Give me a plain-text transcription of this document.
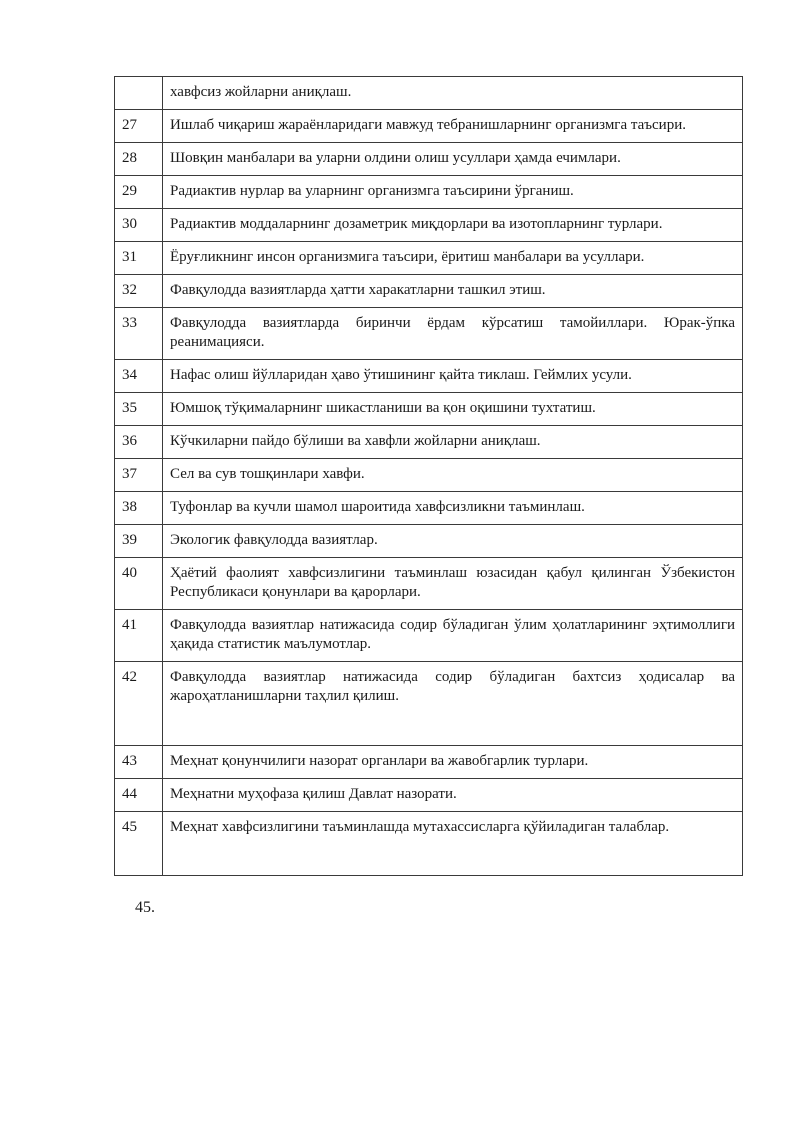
	хавфсиз жойларни аниқлаш.
27	Ишлаб чиқариш жараёнларидаги мавжуд тебранишларнинг организмга таъсири.
28	Шовқин манбалари ва уларни олдини олиш усуллари ҳамда ечимлари.
29	Радиактив нурлар ва уларнинг организмга таъсирини ўрганиш.
30	Радиактив моддаларнинг дозаметрик миқдорлари ва изотопларнинг турлари.
31	Ёруғликнинг инсон организмига таъсири, ёритиш манбалари ва усуллари.
32	Фавқулодда вазиятларда ҳатти харакатларни ташкил этиш.
33	Фавқулодда вазиятларда биринчи ёрдам кўрсатиш тамойиллари. Юрак-ўпка реанимацияси.
34	Нафас олиш йўлларидан ҳаво ўтишининг қайта тиклаш. Геймлих усули.
35	Юмшоқ тўқималарнинг шикастланиши ва қон оқишини тухтатиш.
36	Кўчкиларни пайдо бўлиши ва хавфли жойларни аниқлаш.
37	Сел ва сув тошқинлари хавфи.
38	Туфонлар ва кучли шамол шароитида хавфсизликни таъминлаш.
39	Экологик фавқулодда вазиятлар.
40	Ҳаётий фаолият хавфсизлигини таъминлаш юзасидан қабул қилинган Ўзбекистон Республикаси қонунлари ва қарорлари.
41	Фавқулодда вазиятлар натижасида содир бўладиган ўлим ҳолатларининг эҳтимоллиги ҳақида статистик маълумотлар.
42	Фавқулодда вазиятлар натижасида содир бўладиган бахтсиз ҳодисалар ва жароҳатланишларни таҳлил қилиш.
43	Меҳнат қонунчилиги назорат органлари ва жавобгарлик турлари.
44	Меҳнатни муҳофаза қилиш Давлат назорати.
45	Меҳнат хавфсизлигини таъминлашда мутахассисларга қўйиладиган талаблар.
45.
